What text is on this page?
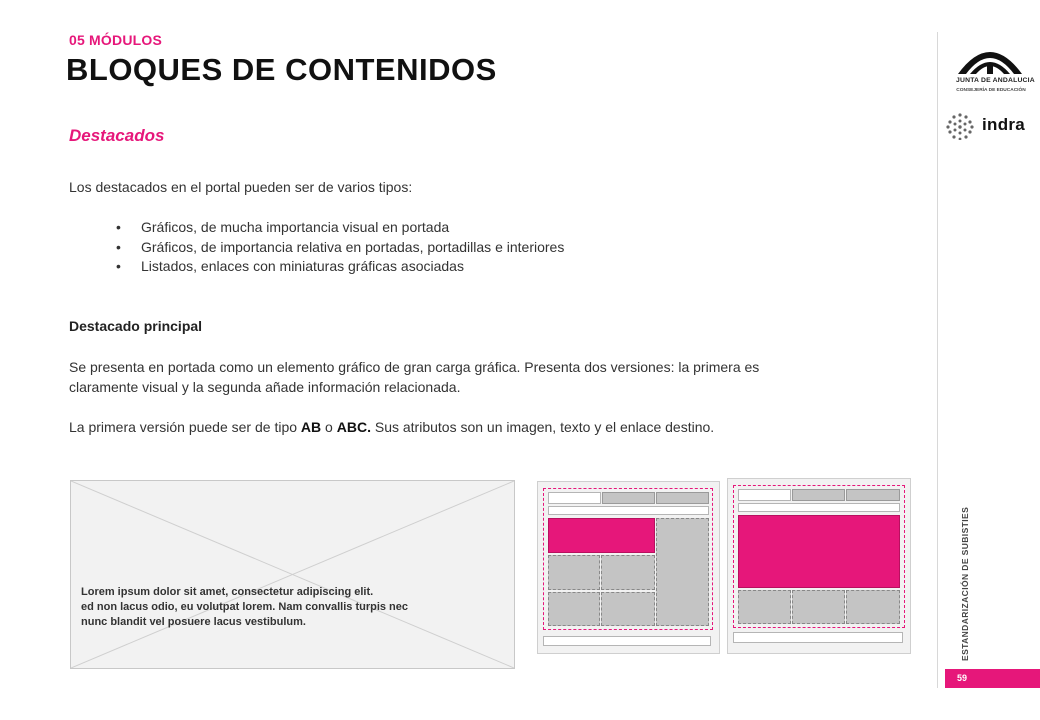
05 MÓDULOS
BLOQUES DE CONTENIDOS
Destacados
Los destacados en el portal pueden ser de varios tipos:
• Gráficos, de mucha importancia visual en portada
• Gráficos, de importancia relativa en portadas, portadillas e interiores
• Listados, enlaces con miniaturas gráficas asociadas
Destacado principal
Se presenta en portada como un elemento gráfico de gran carga gráfica. Presenta dos versiones: la primera es
claramente visual y la segunda añade información relacionada.
La primera versión puede ser de tipo AB o ABC. Sus atributos son un imagen, texto y el enlace destino.
Lorem ipsum dolor sit amet, consectetur adipiscing elit.
ed non lacus odio, eu volutpat lorem. Nam convallis turpis nec
nunc blandit vel posuere lacus vestibulum.
JUNTA DE ANDALUCIA
CONSEJERÍA DE EDUCACIÓN
indra
ESTANDARIZACIÓN DE SUBISTIES
59
